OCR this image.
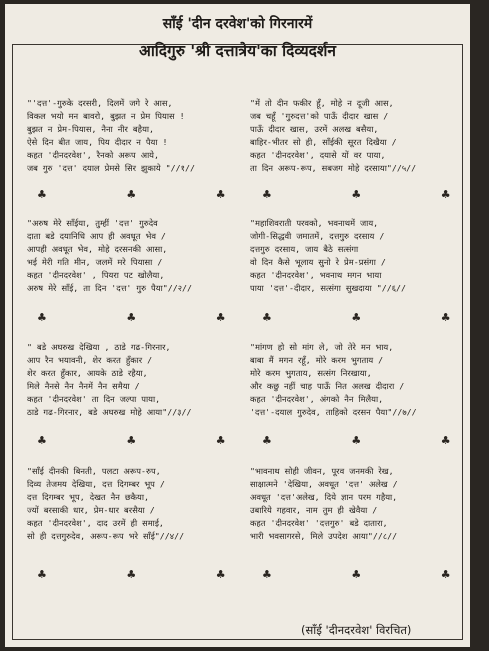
साँई 'दीन दरवेश'को गिरनारमें
आदिगुरु 'श्री दत्तात्रेय'का दिव्यदर्शन
"'दत्त'-गुरुके दरसरी, दिलमें जगे रे आस,
विकल भयो मन बावरो, बुझत न प्रेम पियास !
बुझत न प्रेम-पियास, नैना नीर बहैया,
ऐसे दिन बीत जाय, पिय दीदार न पैया !
कहत 'दीनदरवेश', रैनको अरूप आये,
जब गुरु 'दत्त' दयाल प्रेमसे सिर झुकाये "//१//
♣ ♣ ♣
"अरुष मेरे साँईया, तुम्हीं 'दत्त' गुरुदेव
दाता बडे दयानिधि आप ही अवधूत भेव /
आपही अवधूत भेव, मोहे दरसनकी आसा,
भई मेरी गति मीन, जलमें मरे पियासा /
कहत 'दीनदरवेश' , पियरा पट खोलैया,
अरुष मेरे साँई, ता दिन 'दत्त' गुरु पैया"//२//
♣ ♣ ♣
" बडे अघरुख देखिया , ठाडे गढ-गिरनार,
आप रैन भयावनी, शेर करत हुँकार /
शेर करत हुँकार, आयके ठाडे रहैया,
मिले नैनसे नैन नैनमें नैन समैया /
कहत 'दीनदरवेश' ता दिन जल्पा पाया,
ठाडे गढ-गिरनार, बडे अघरुख मोहे आया"//३//
♣ ♣ ♣
"साँई दीनकी बिनती, पलटा अरूप-रुप,
दिव्य तेजमय देखिया, दत्त दिगम्बर भूप /
दत्त दिगम्बर भूप, देखत नैन छकैया,
ज्यों बरसाकी धार, प्रेम-धार बरसैया /
कहत 'दीनदरवेश', दाद उरमें ही समाई,
सो ही दत्तगुरुदेव, अरूप-रूप भरे साँई"//४//
♣ ♣ ♣
"में तो दीन फकीर हूँ, मोहे न दूजी आस,
जब चहूँ 'गुरुदत्त'को पाऊँ दीदार खास /
पाऊँ दीदार खास, उरमें अलख बसैया,
बाहिर-भीतर सो ही, साँईकी सूरत दिखैया /
कहत 'दीनदरवेश', दयासे यों वर पाया,
ता दिन अरूप-रूप, सबजग मोहे दरसाया"//५//
♣ ♣ ♣
"महाशिवराती परवको, भवनाथमें जाय,
जोगी-सिद्धवी जमातमें, दत्तगुरु दरसाय /
दत्तगुरु दरसाय, जाय बैठे सत्संगा
वो दिन कैसे भूलाय सुनो रे प्रेम-प्रसंगा /
कहत 'दीनदरवेश', भवनाथ मगन भाया
पाया 'दत्त'-दीदार, सत्संगा सुखदाया "//६//
♣ ♣ ♣
"मांगण हो सो मांग ले, जो तेरे मन भाय,
बाबा मैं मगन रहूँ, मोरे करम भुगताय /
मोरे करम भुगताय, सत्संग निरखाया,
और कछु नहीं चाह पाऊँ नित अलख दीदारा /
कहत 'दीनदरवेश', अंगको नैन मिलैया,
'दत्त'-दयाल गुरुदेव, ताहिको दरसन पैया"//७//
♣ ♣ ♣
"भावनाथ सोही जीवन, पूरव जनमकी रेख,
साक्षात्मने 'देखिया, अवधूत 'दत्त' अलेख /
अवधूत 'दत्त'अलेख, दिये ज्ञान परम गहैया,
उबारिये गहवार, नाम तुम ही खेवैया /
कहत 'दीनदरवेश' 'दत्तगुरु' बडे दातारा,
भारी भवसागरसे, मिले उपदेश आया"//८//
♣ ♣ ♣
(साँई 'दीनदरवेश' विरचित)
